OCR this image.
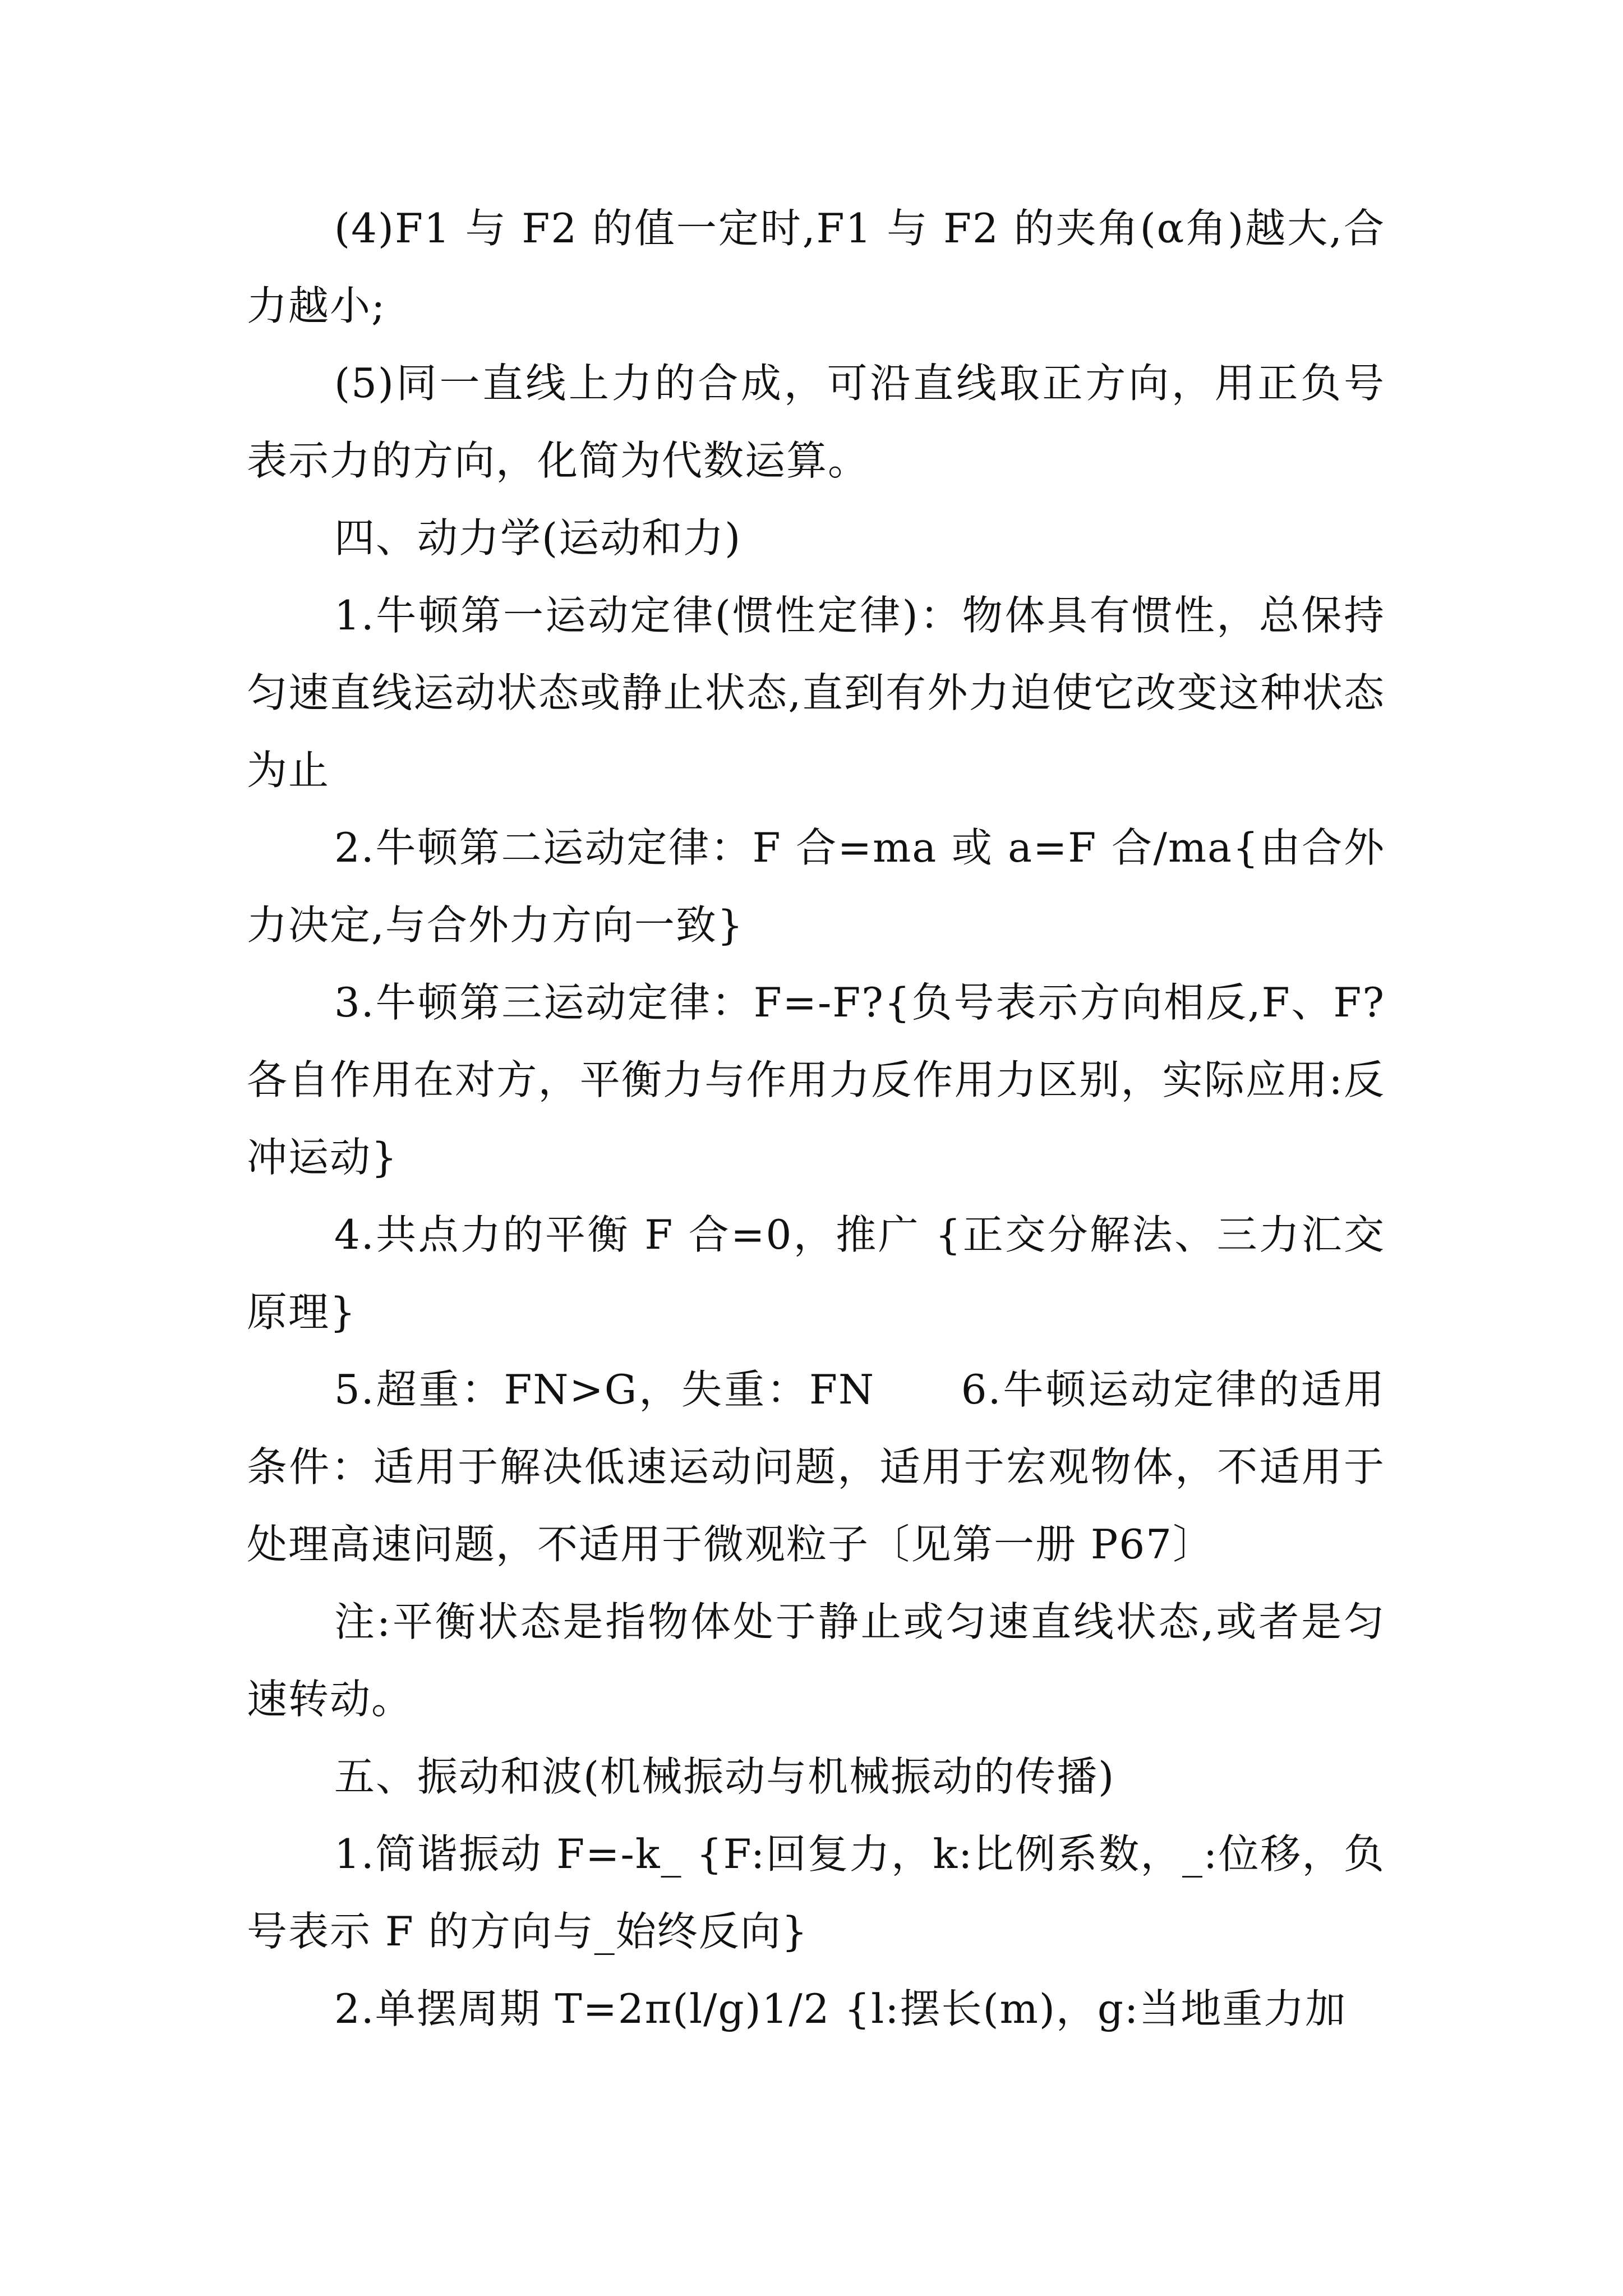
(4)F1 与 F2 的值一定时,F1 与 F2 的夹角(α角)越大,合力越小;

(5)同一直线上力的合成，可沿直线取正方向，用正负号表示力的方向，化简为代数运算。

四、动力学(运动和力)

1.牛顿第一运动定律(惯性定律)：物体具有惯性，总保持匀速直线运动状态或静止状态,直到有外力迫使它改变这种状态为止

2.牛顿第二运动定律：F 合=ma 或 a=F 合/ma{由合外力决定,与合外力方向一致}

3.牛顿第三运动定律：F=-F?{负号表示方向相反,F、F?各自作用在对方，平衡力与作用力反作用力区别，实际应用:反冲运动}

4.共点力的平衡 F 合=0，推广 {正交分解法、三力汇交原理}

5.超重：FN>G，失重：FN　　6.牛顿运动定律的适用条件：适用于解决低速运动问题，适用于宏观物体，不适用于处理高速问题，不适用于微观粒子〔见第一册 P67〕

注:平衡状态是指物体处于静止或匀速直线状态,或者是匀速转动。

五、振动和波(机械振动与机械振动的传播)

1.简谐振动 F=-k_ {F:回复力，k:比例系数，_:位移，负号表示 F 的方向与_始终反向}

2.单摆周期 T=2π(l/g)1/2 {l:摆长(m)，g:当地重力加
